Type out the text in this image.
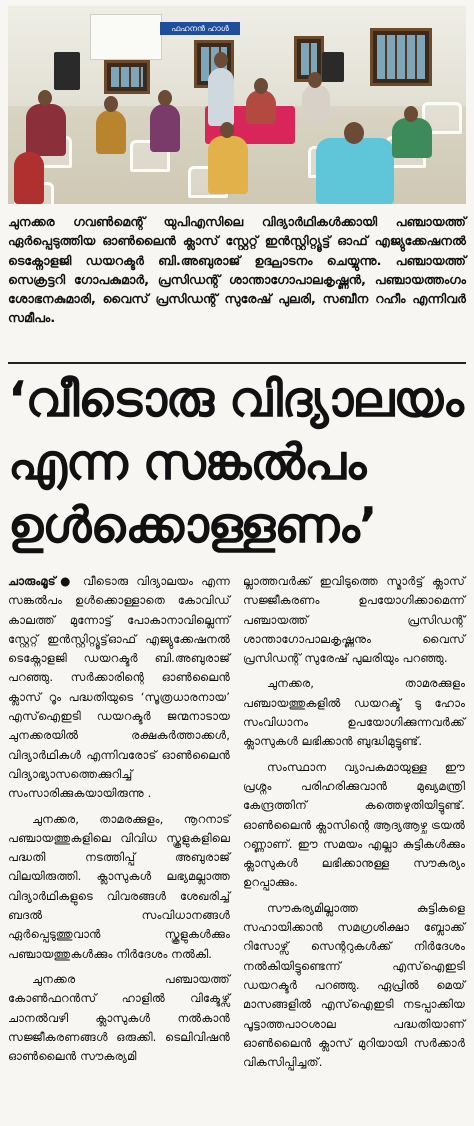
ഫഹനൻ ഹാൾ
ചുനക്കര ഗവൺമെന്റ് യുപിഎസിലെ വിദ്യാർഥികൾക്കായി പഞ്ചായത്ത് ഏർപ്പെടുത്തിയ ഓൺലൈൻ ക്ലാസ് സ്റ്റേറ്റ് ഇൻസ്റ്റിറ്റ്യൂട്ട് ഓഫ് എജ്യുക്കേഷനൽ ടെക്നോളജി ഡയറക്ടർ ബി.അബുരാജ് ഉദ്ഘാടനം ചെയ്യുന്നു. പഞ്ചായത്ത് സെക്രട്ടറി ഗോപകുമാർ, പ്രസിഡന്റ് ശാന്താഗോപാലകൃഷ്ണൻ, പഞ്ചായത്തംഗം ശോഭനകുമാരി, വൈസ് പ്രസിഡന്റ് സുരേഷ് പുലരി, സബീന റഹീം എന്നിവർ സമീപം.
‘വീടൊരു വിദ്യാലയം
എന്ന സങ്കൽപം
ഉൾക്കൊള്ളണം’

ചാരുംമൂട്● വീടൊരു വിദ്യാലയം എന്ന സങ്കൽപം ഉൾക്കൊള്ളാതെ കോവിഡ് കാലത്ത് മുന്നോട്ട് പോകാനാവില്ലെന്ന് സ്റ്റേറ്റ് ഇൻസ്റ്റിറ്റ്യൂട്ട്ഓഫ് എജ്യുക്കേഷനൽ ടെക്നോളജി ഡയറക്ടർ ബി.അബുരാജ് പറഞ്ഞു. സർക്കാരിന്റെ ഓൺലൈൻ ക്ലാസ് റൂം പദ്ധതിയുടെ ‘സൂത്രധാരനായ’ എസ്ഐഇടി ഡയറക്ടർ ജന്മനാടായ ചുനക്കരയിൽ രക്ഷകർത്താക്കൾ, വിദ്യാർഥികൾ എന്നിവരോട് ഓൺലൈൻ വിദ്യാഭ്യാസത്തെക്കുറിച്ച് സംസാരിക്കുകയായിരുന്നു .

ചുനക്കര, താമരക്കുളം, നൂറനാട് പഞ്ചായത്തുകളിലെ വിവിധ സ്കൂളുകളിലെ പദ്ധതി നടത്തിപ്പ് അബുരാജ് വിലയിരുത്തി. ക്ലാസുകൾ ലഭ്യമല്ലാത്ത വിദ്യാർഥികളുടെ വിവരങ്ങൾ ശേഖരിച്ച് ബദൽ സംവിധാനങ്ങൾ ഏർപ്പെടുത്തുവാൻ സ്കൂളുകൾക്കും പഞ്ചായത്തുകൾക്കും നിർദേശം നൽകി.

ചുനക്കര പഞ്ചായത്ത് കോൺഫറൻസ് ഹാളിൽ വിക്ടേഴ്സ് ചാനൽവഴി ക്ലാസുകൾ നൽകാൻ സജ്ജീകരണങ്ങൾ ഒരുക്കി. ടെലിവിഷൻ ഓൺലൈൻ സൗകര്യമി

ല്ലാത്തവർക്ക് ഇവിടുത്തെ സ്മാർട്ട് ക്ലാസ് സജ്ജീകരണം ഉപയോഗിക്കാമെന്ന് പഞ്ചായത്ത് പ്രസിഡന്റ് ശാന്താഗോപാലകൃഷ്ണനും വൈസ് പ്രസിഡന്റ് സുരേഷ് പുലരിയും പറഞ്ഞു.

ചുനക്കര, താമരക്കുളം പഞ്ചായത്തുകളിൽ ഡയറക്ട് ടു ഹോം സംവിധാനം ഉപയോഗിക്കുന്നവർക്ക് ക്ലാസുകൾ ലഭിക്കാൻ ബുദ്ധിമുട്ടുണ്ട്.

സംസ്ഥാന വ്യാപകമായുള്ള ഈ പ്രശ്നം പരിഹരിക്കുവാൻ മുഖ്യമന്ത്രി കേന്ദ്രത്തിന് കത്തെഴുതിയിട്ടുണ്ട്. ഓൺലൈൻ ക്ലാസിന്റെ ആദ്യആഴ്ച ട്രയൽ റണ്ണാണ്. ഈ സമയം എല്ലാ കുട്ടികൾക്കും ക്ലാസുകൾ ലഭിക്കാനുള്ള സൗകര്യം ഉറപ്പാക്കും.

സൗകര്യമില്ലാത്ത കുട്ടികളെ സഹായിക്കാൻ സമഗ്രശിക്ഷാ ബ്ലോക്ക് റിസോഴ്സ് സെന്ററുകൾക്ക് നിർദേശം നൽകിയിട്ടുണ്ടെന്ന് എസ്ഐഇടി ഡയറക്ടർ പറഞ്ഞു. ഏപ്രിൽ മെയ് മാസങ്ങളിൽ എസ്ഐഇടി നടപ്പാക്കിയ പൂട്ടാത്തപാഠശാല പദ്ധതിയാണ് ഓൺലൈൻ ക്ലാസ് മുറിയായി സർക്കാർ വികസിപ്പിച്ചത്.
